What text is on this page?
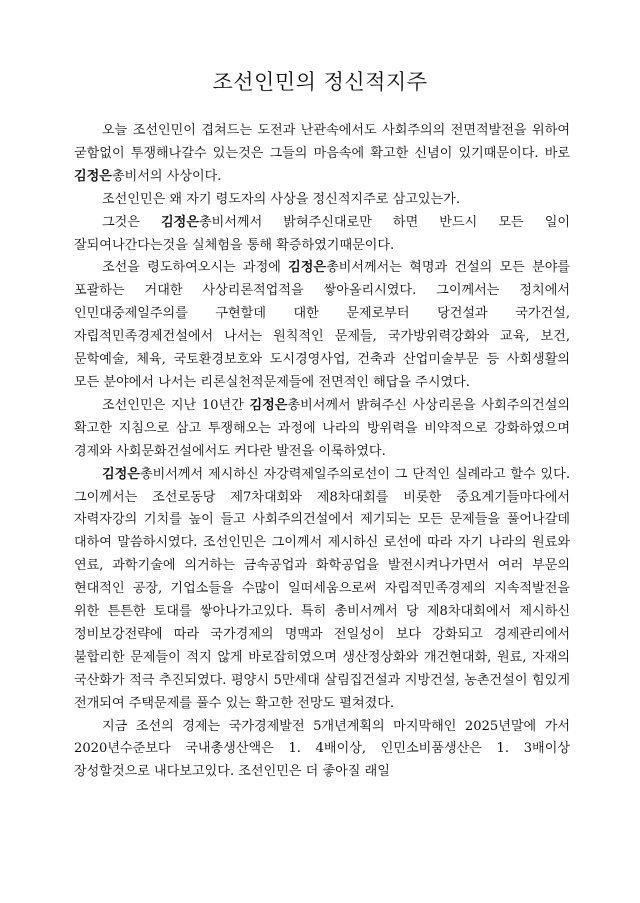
조선인민의 정신적지주

오늘 조선인민이 겹쳐드는 도전과 난관속에서도 사회주의의 전면적발전을 위하여 굳함없이 투쟁해나갈수 있는것은 그들의 마음속에 확고한 신념이 있기때문이다. 바로 김정은총비서의 사상이다.

조선인민은 왜 자기 령도자의 사상을 정신적지주로 삼고있는가.

그것은 김정은총비서께서 밝혀주신대로만 하면 반드시 모든 일이 잘되여나간다는것을 실체험을 통해 확증하였기때문이다.

조선을 령도하여오시는 과정에 김정은총비서께서는 혁명과 건설의 모든 분야를 포괄하는 거대한 사상리론적업적을 쌓아올리시였다. 그이께서는 정치에서 인민대중제일주의를 구현할데 대한 문제로부터 당건설과 국가건설, 자립적민족경제건설에서 나서는 원칙적인 문제들, 국가방위력강화와 교육, 보건, 문학예술, 체육, 국토환경보호와 도시경영사업, 건축과 산업미술부문 등 사회생활의 모든 분야에서 나서는 리론실천적문제들에 전면적인 해답을 주시였다.

조선인민은 지난 10년간 김정은총비서께서 밝혀주신 사상리론을 사회주의건설의 확고한 지침으로 삼고 투쟁해오는 과정에 나라의 방위력을 비약적으로 강화하였으며 경제와 사회문화건설에서도 커다란 발전을 이룩하였다.

김정은총비서께서 제시하신 자강력제일주의로선이 그 단적인 실례라고 할수 있다. 그이께서는 조선로동당 제7차대회와 제8차대회를 비롯한 중요계기들마다에서 자력자강의 기치를 높이 들고 사회주의건설에서 제기되는 모든 문제들을 풀어나갈데 대하여 말씀하시였다. 조선인민은 그이께서 제시하신 로선에 따라 자기 나라의 원료와 연료, 과학기술에 의거하는 금속공업과 화학공업을 발전시켜나가면서 여러 부문의 현대적인 공장, 기업소들을 수많이 일떠세움으로써 자립적민족경제의 지속적발전을 위한 튼튼한 토대를 쌓아나가고있다. 특히 총비서께서 당 제8차대회에서 제시하신 정비보강전략에 따라 국가경제의 명맥과 전일성이 보다 강화되고 경제관리에서 불합리한 문제들이 적지 않게 바로잡히였으며 생산정상화와 개건현대화, 원료, 자재의 국산화가 적극 추진되였다. 평양시 5만세대 살림집건설과 지방건설, 농촌건설이 힘있게 전개되여 주택문제를 풀수 있는 확고한 전망도 펼쳐졌다.

지금 조선의 경제는 국가경제발전 5개년계획의 마지막해인 2025년말에 가서 2020년수준보다 국내총생산액은 1. 4배이상, 인민소비품생산은 1. 3배이상 장성할것으로 내다보고있다. 조선인민은 더 좋아질 래일
